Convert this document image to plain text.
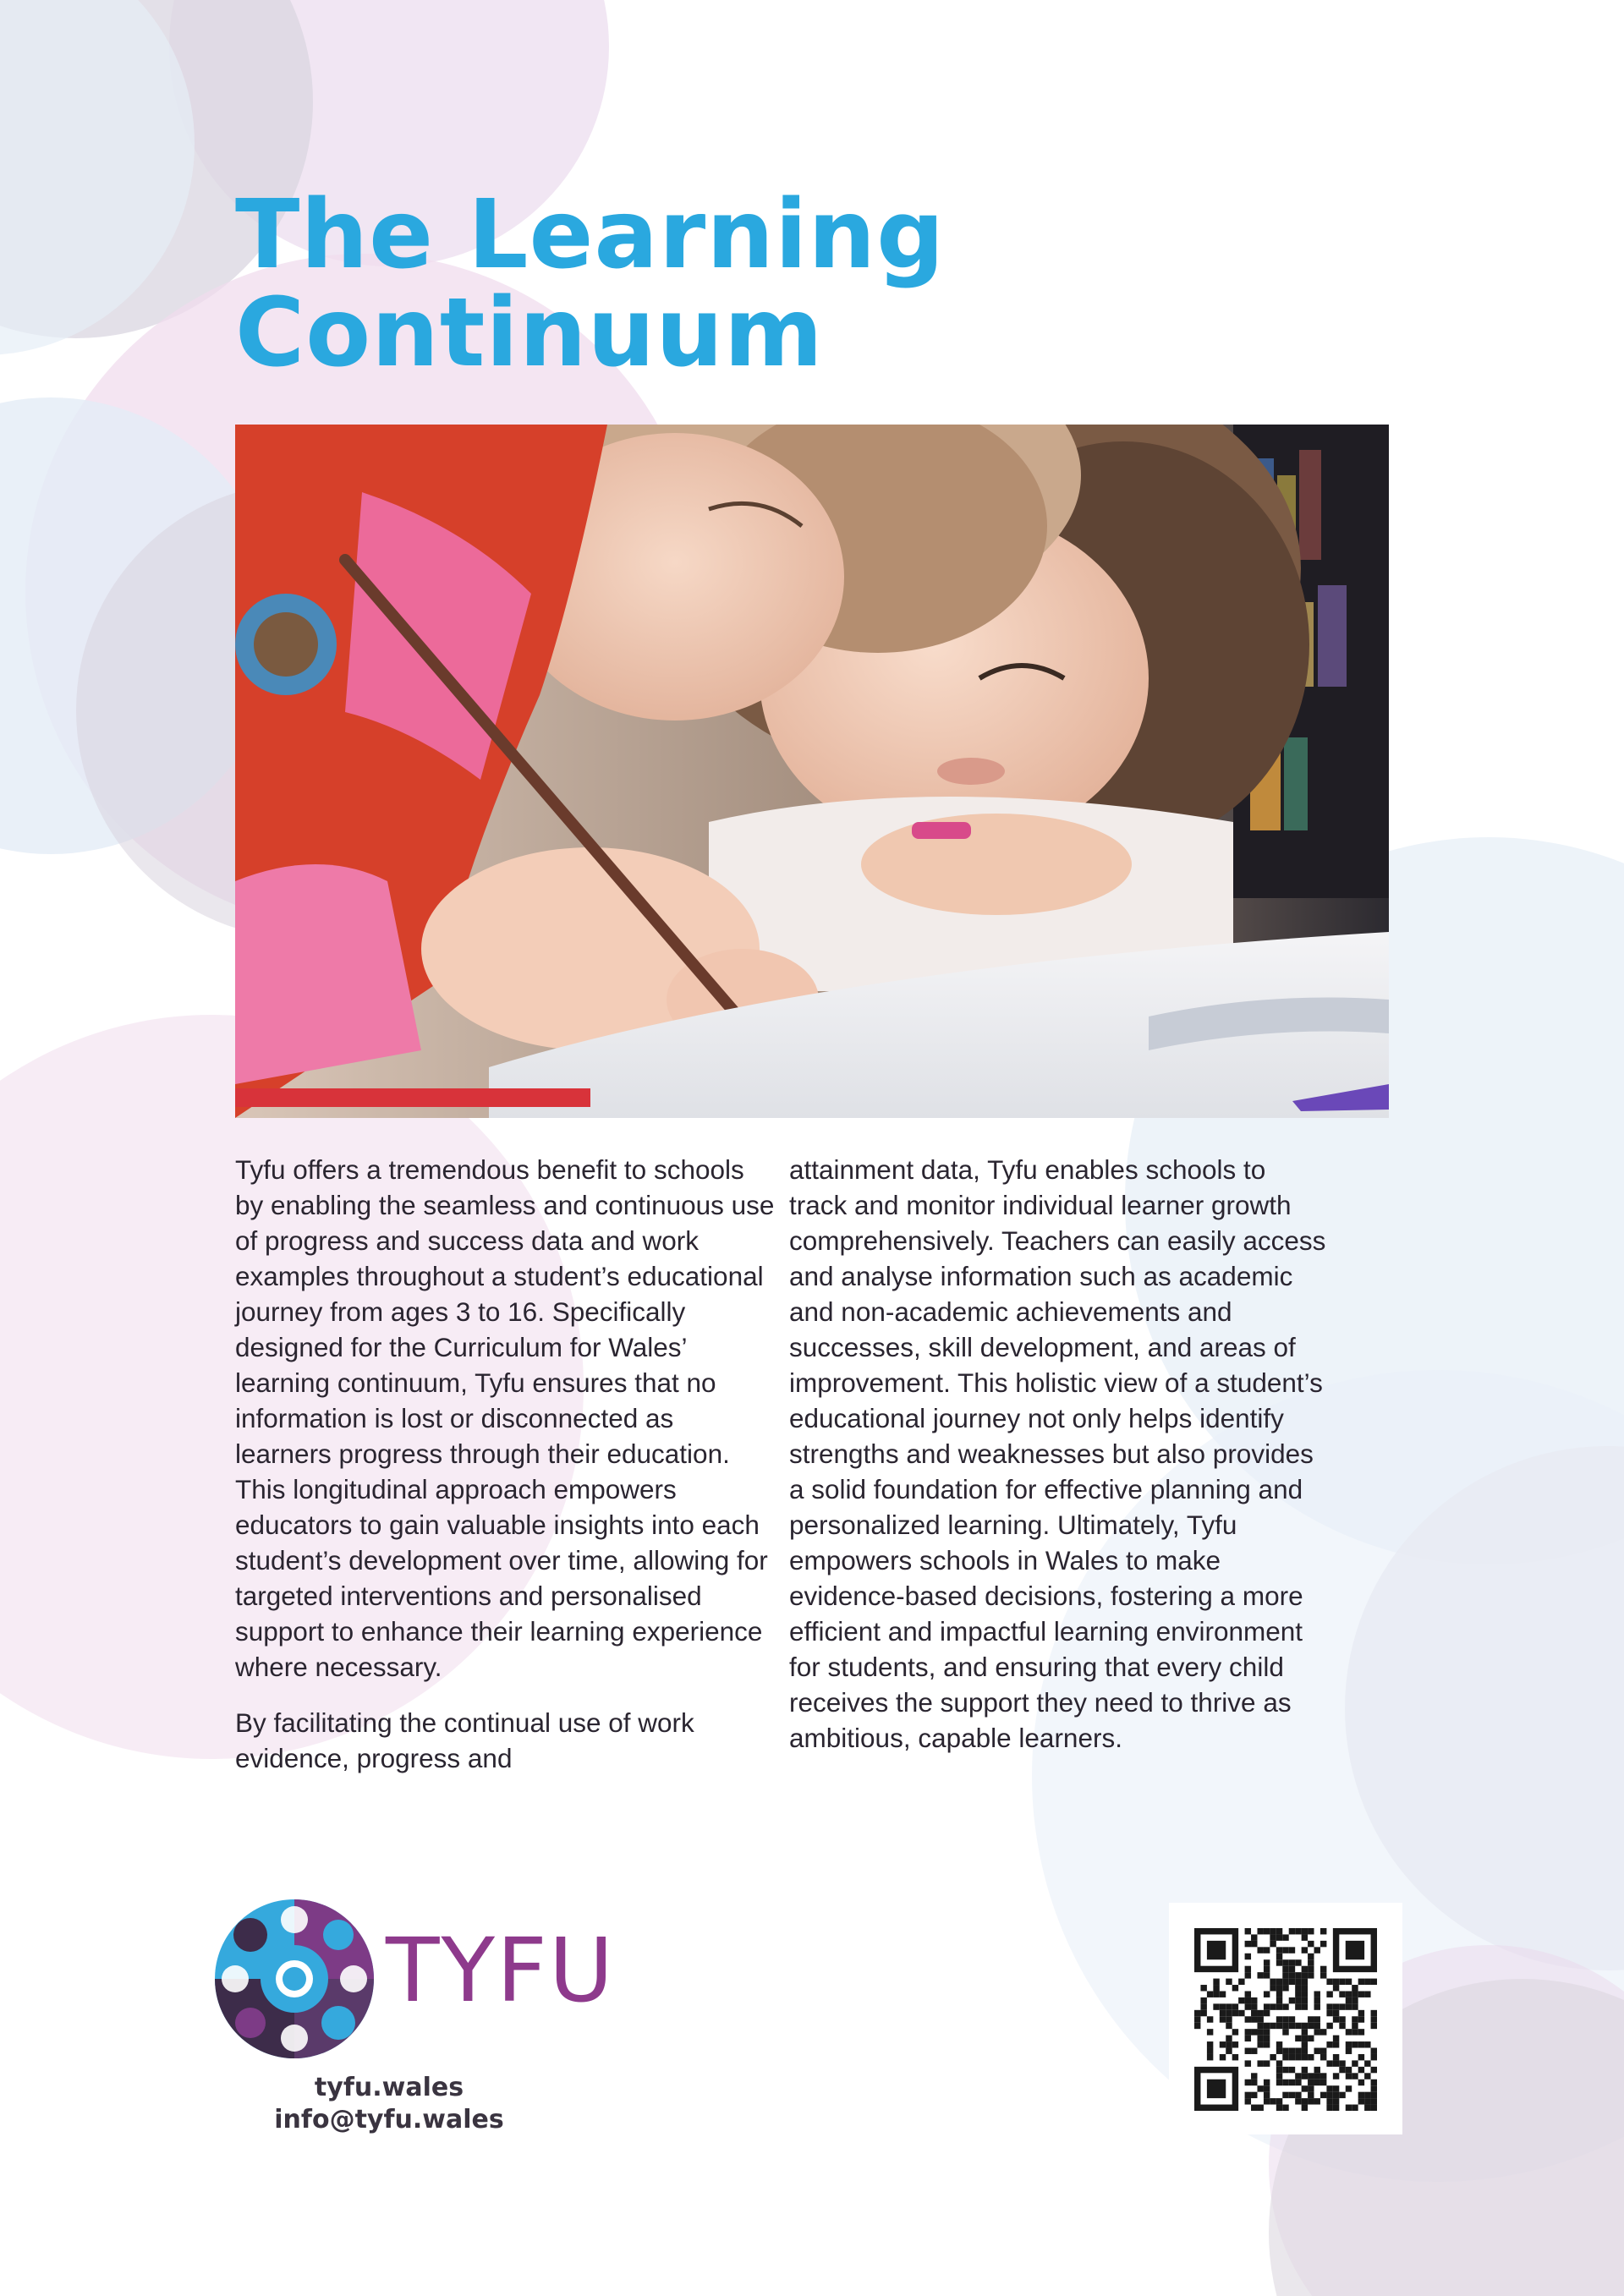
The Learning
Continuum

Tyfu offers a tremendous benefit to schools by enabling the seamless and continuous use of progress and success data and work examples throughout a student’s educational journey from ages 3 to 16. Specifically designed for the Curriculum for Wales’ learning continuum, Tyfu ensures that no information is lost or disconnected as learners progress through their education. This longitudinal approach empowers educators to gain valuable insights into each student’s development over time, allowing for targeted interventions and personalised support to enhance their learning experience where necessary.

By facilitating the continual use of work evidence, progress and

attainment data, Tyfu enables schools to track and monitor individual learner growth comprehensively. Teachers can easily access and analyse information such as academic and non-academic achievements and successes, skill development, and areas of improvement. This holistic view of a student’s educational journey not only helps identify strengths and weaknesses but also provides a solid foundation for effective planning and personalized learning. Ultimately, Tyfu empowers schools in Wales to make evidence-based decisions, fostering a more efficient and impactful learning environment for students, and ensuring that every child receives the support they need to thrive as ambitious, capable learners.

TYFU
tyfu.wales
info@tyfu.wales
